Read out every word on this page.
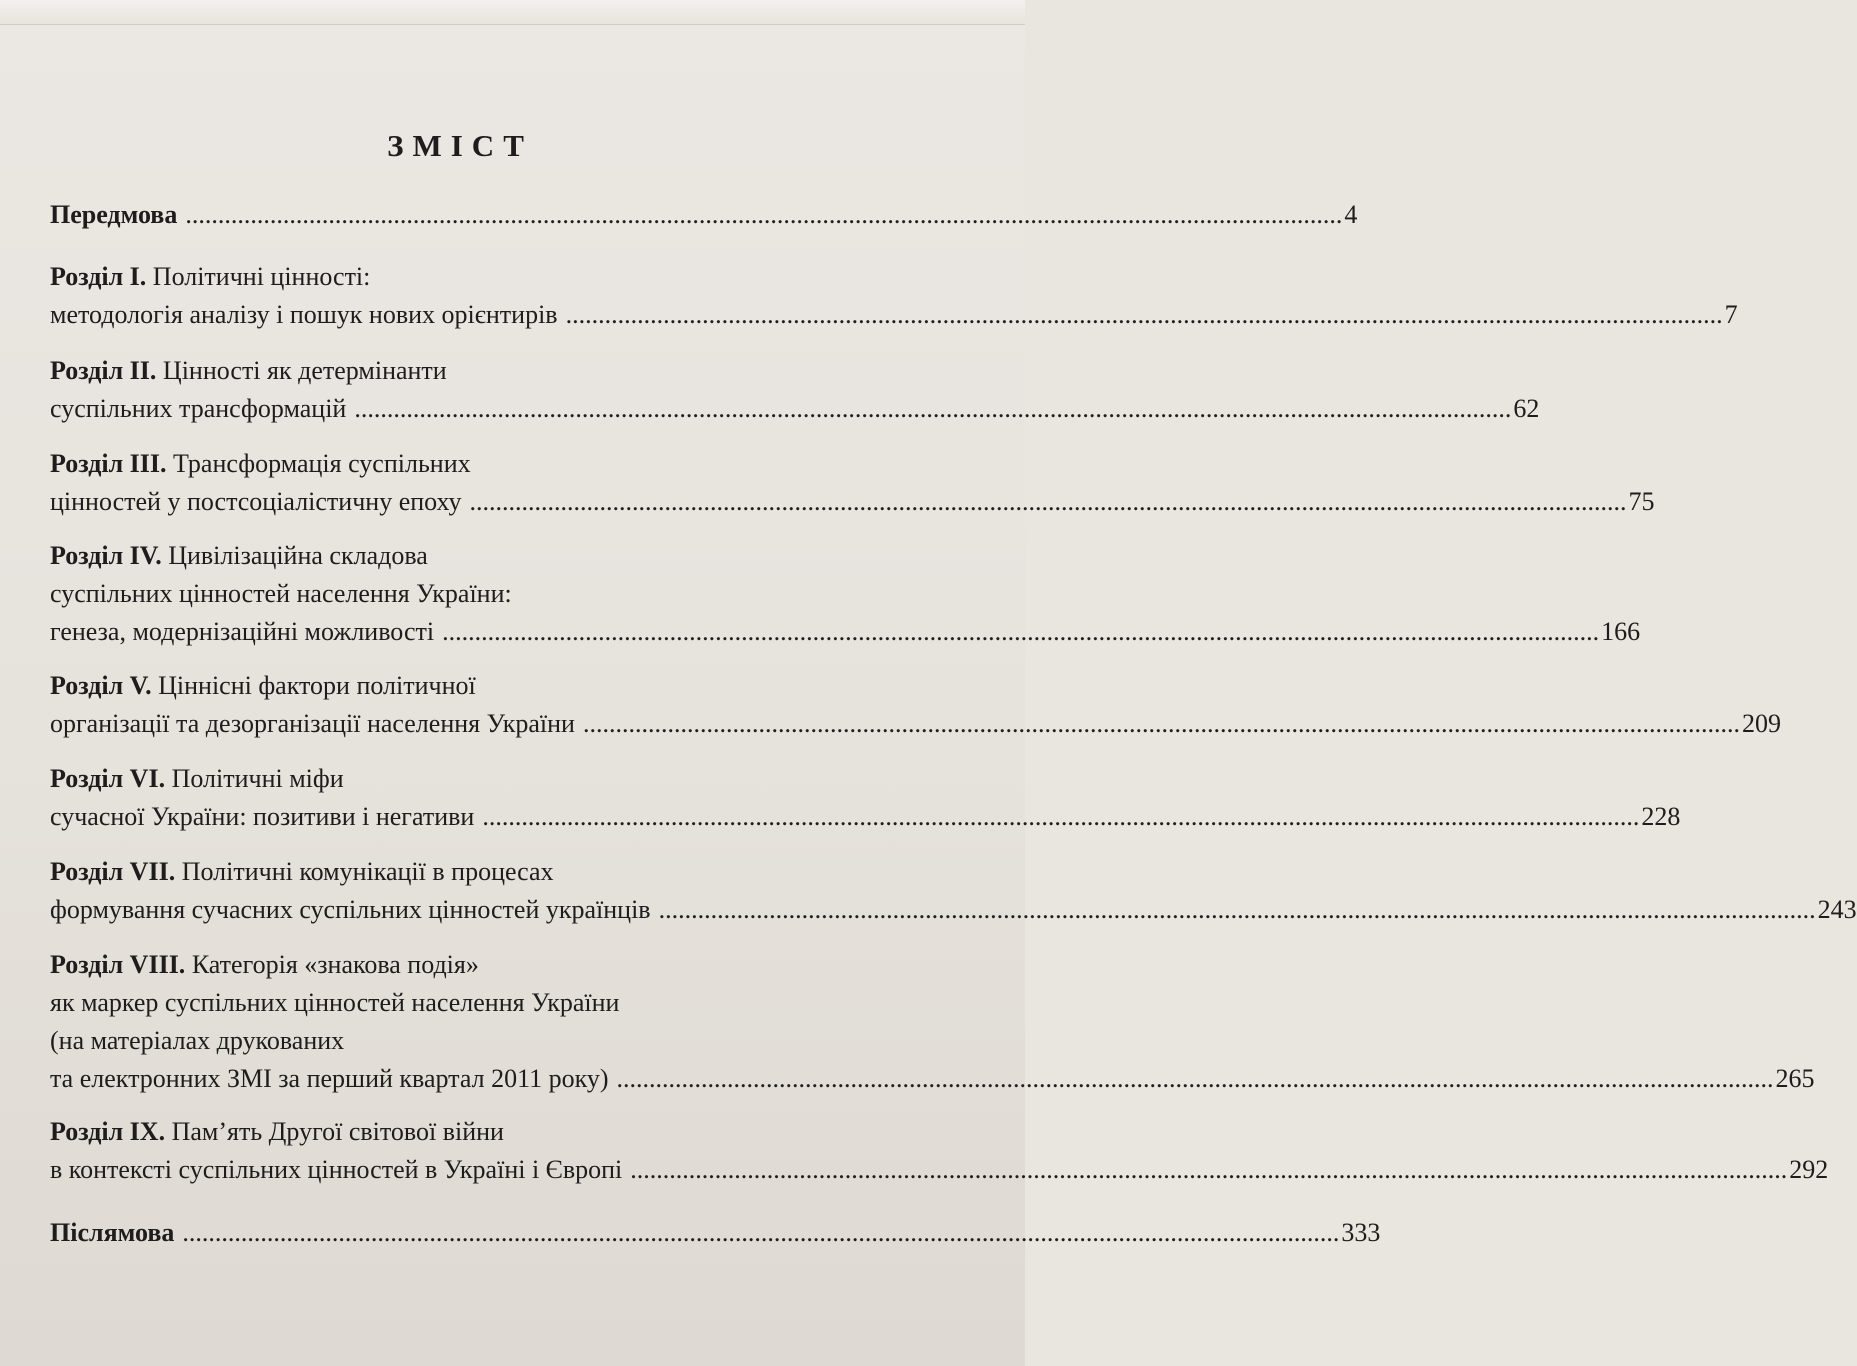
ЗМІСТ
Передмова .................................................................................................................................................................................. 4
Розділ І. Політичні цінності:
методологія аналізу і пошук нових орієнтирів .................................................................................................................................................................................. 7
Розділ ІІ. Цінності як детермінанти
суспільних трансформацій .................................................................................................................................................................................. 62
Розділ ІІІ. Трансформація суспільних
цінностей у постсоціалістичну епоху .................................................................................................................................................................................. 75
Розділ IV. Цивілізаційна складова
суспільних цінностей населення України:
генеза, модернізаційні можливості .................................................................................................................................................................................. 166
Розділ V. Ціннісні фактори політичної
організації та дезорганізації населення України .................................................................................................................................................................................. 209
Розділ VI. Політичні міфи
сучасної України: позитиви і негативи .................................................................................................................................................................................. 228
Розділ VII. Політичні комунікації в процесах
формування сучасних суспільних цінностей українців .................................................................................................................................................................................. 243
Розділ VIII. Категорія «знакова подія»
як маркер суспільних цінностей населення України
(на матеріалах друкованих
та електронних ЗМІ за перший квартал 2011 року) .................................................................................................................................................................................. 265
Розділ IX. Пам’ять Другої світової війни
в контексті суспільних цінностей в Україні і Європі .................................................................................................................................................................................. 292
Післямова .................................................................................................................................................................................. 333
